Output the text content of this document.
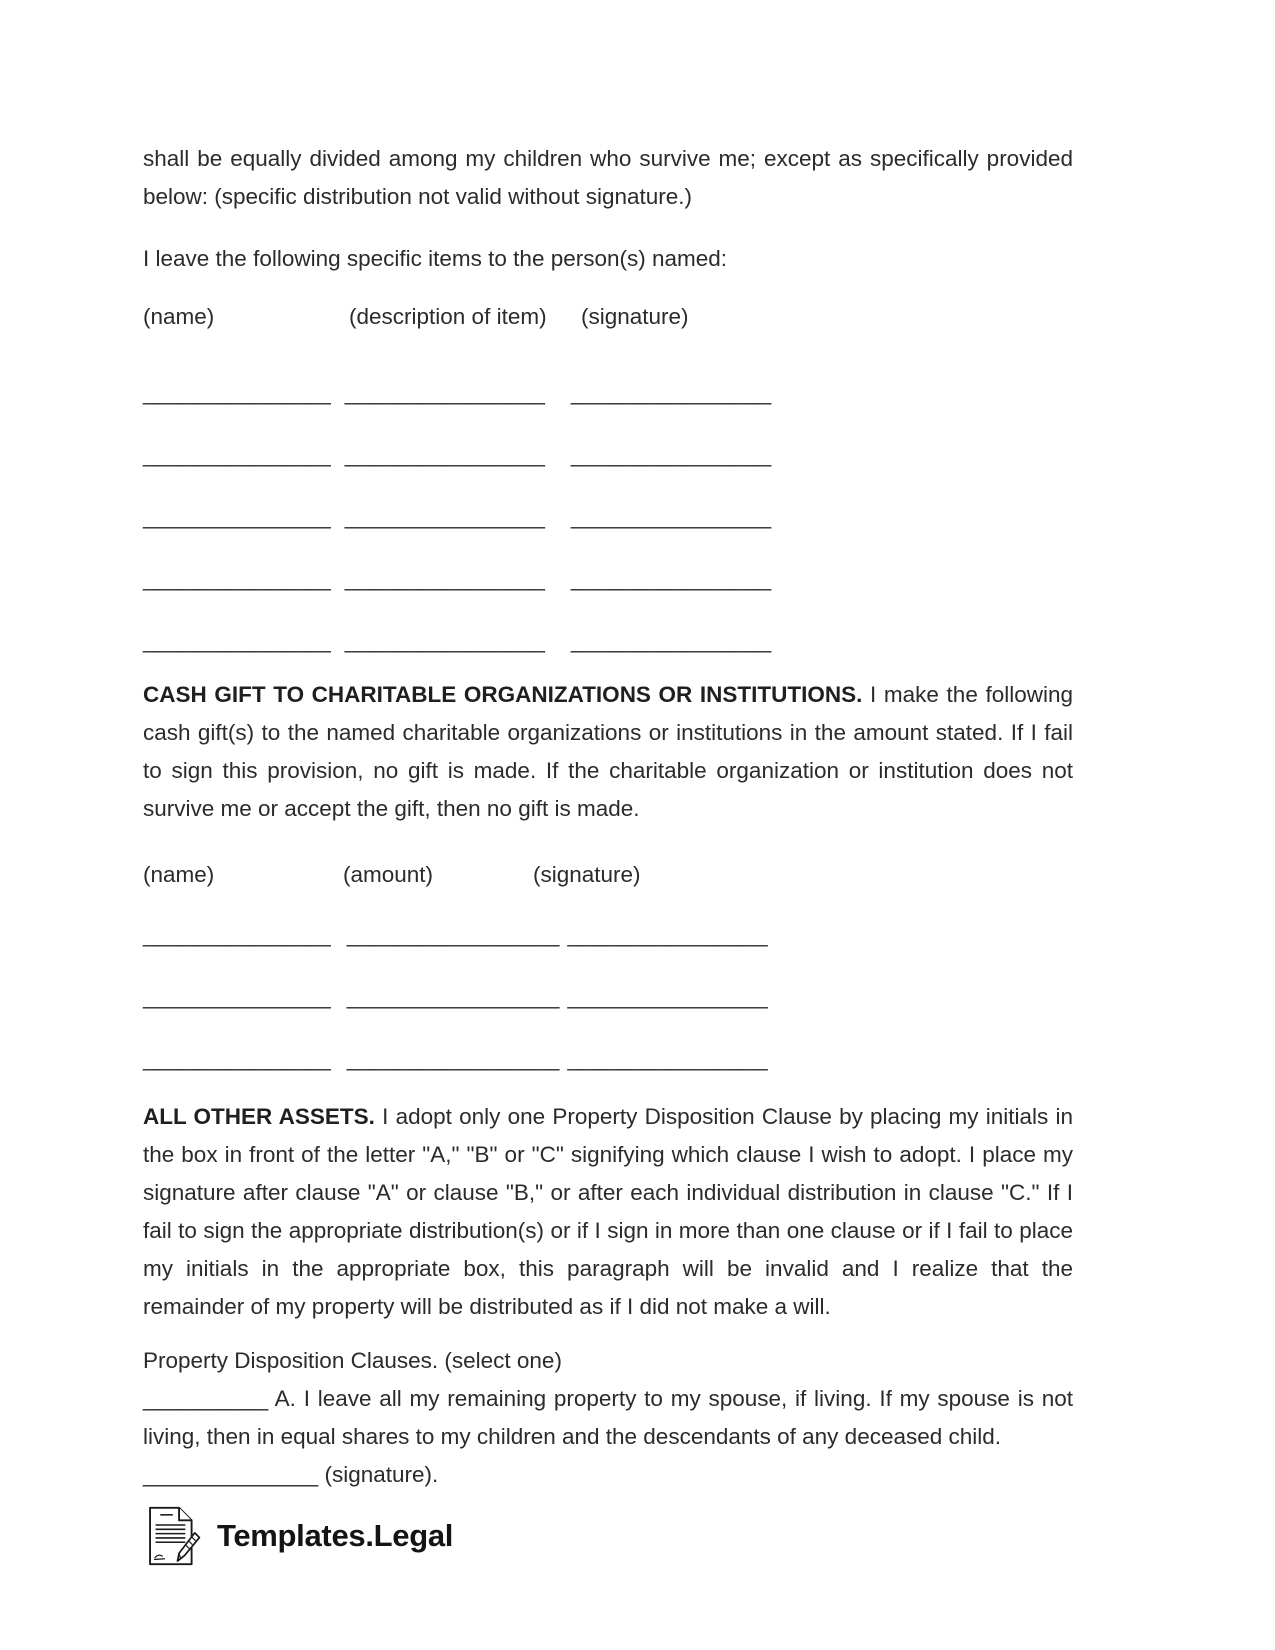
shall be equally divided among my children who survive me; except as specifically provided below: (specific distribution not valid without signature.)

I leave the following specific items to the person(s) named:

(name)	(description of item)	(signature)
_______________ ________________ ________________
_______________ ________________ ________________
_______________ ________________ ________________
_______________ ________________ ________________
_______________ ________________ ________________

CASH GIFT TO CHARITABLE ORGANIZATIONS OR INSTITUTIONS. I make the following cash gift(s) to the named charitable organizations or institutions in the amount stated. If I fail to sign this provision, no gift is made. If the charitable organization or institution does not survive me or accept the gift, then no gift is made.

(name)	(amount)	(signature)
_______________ _________________ ________________
_______________ _________________ ________________
_______________ _________________ ________________

ALL OTHER ASSETS. I adopt only one Property Disposition Clause by placing my initials in the box in front of the letter "A," "B" or "C" signifying which clause I wish to adopt. I place my signature after clause "A" or clause "B," or after each individual distribution in clause "C." If I fail to sign the appropriate distribution(s) or if I sign in more than one clause or if I fail to place my initials in the appropriate box, this paragraph will be invalid and I realize that the remainder of my property will be distributed as if I did not make a will.

Property Disposition Clauses. (select one)

__________ A. I leave all my remaining property to my spouse, if living. If my spouse is not living, then in equal shares to my children and the descendants of any deceased child.

______________ (signature).

Templates.Legal
